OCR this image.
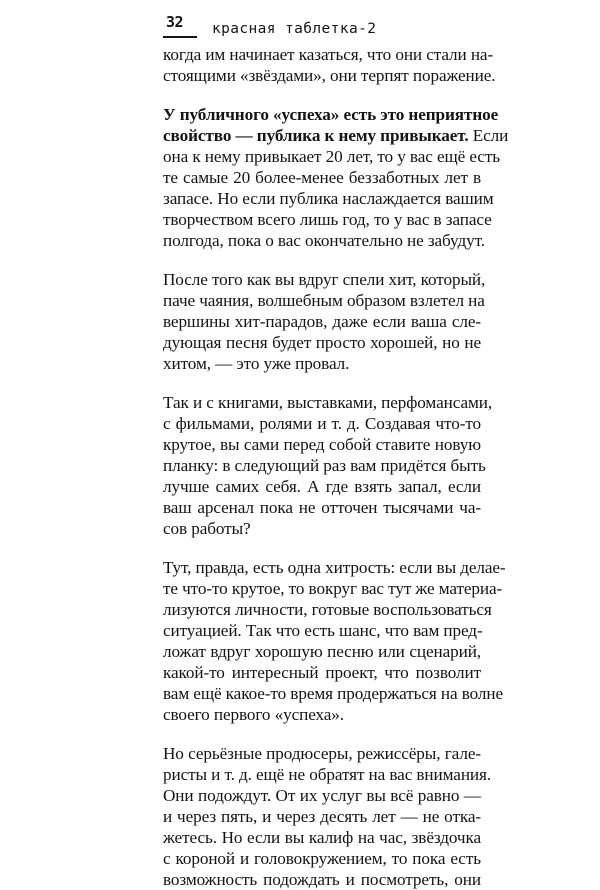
32 красная таблетка-2
когда им начинает казаться, что они стали на-
стоящими «звёздами», они терпят поражение.
У публичного «успеха» есть это неприятное
свойство — публика к нему привыкает. Если
она к нему привыкает 20 лет, то у вас ещё есть
те самые 20 более-менее беззаботных лет в
запасе. Но если публика наслаждается вашим
творчеством всего лишь год, то у вас в запасе
полгода, пока о вас окончательно не забудут.
После того как вы вдруг спели хит, который,
паче чаяния, волшебным образом взлетел на
вершины хит-парадов, даже если ваша сле-
дующая песня будет просто хорошей, но не
хитом, — это уже провал.
Так и с книгами, выставками, перфомансами,
с фильмами, ролями и т. д. Создавая что-то
крутое, вы сами перед собой ставите новую
планку: в следующий раз вам придётся быть
лучше самих себя. А где взять запал, если
ваш арсенал пока не отточен тысячами ча-
сов работы?
Тут, правда, есть одна хитрость: если вы делае-
те что-то крутое, то вокруг вас тут же материа-
лизуются личности, готовые воспользоваться
ситуацией. Так что есть шанс, что вам пред-
ложат вдруг хорошую песню или сценарий,
какой-то интересный проект, что позволит
вам ещё какое-то время продержаться на волне
своего первого «успеха».
Но серьёзные продюсеры, режиссёры, гале-
ристы и т. д. ещё не обратят на вас внимания.
Они подождут. От их услуг вы всё равно —
и через пять, и через десять лет — не отка-
жетесь. Но если вы калиф на час, звёздочка
с короной и головокружением, то пока есть
возможность подождать и посмотреть, они
